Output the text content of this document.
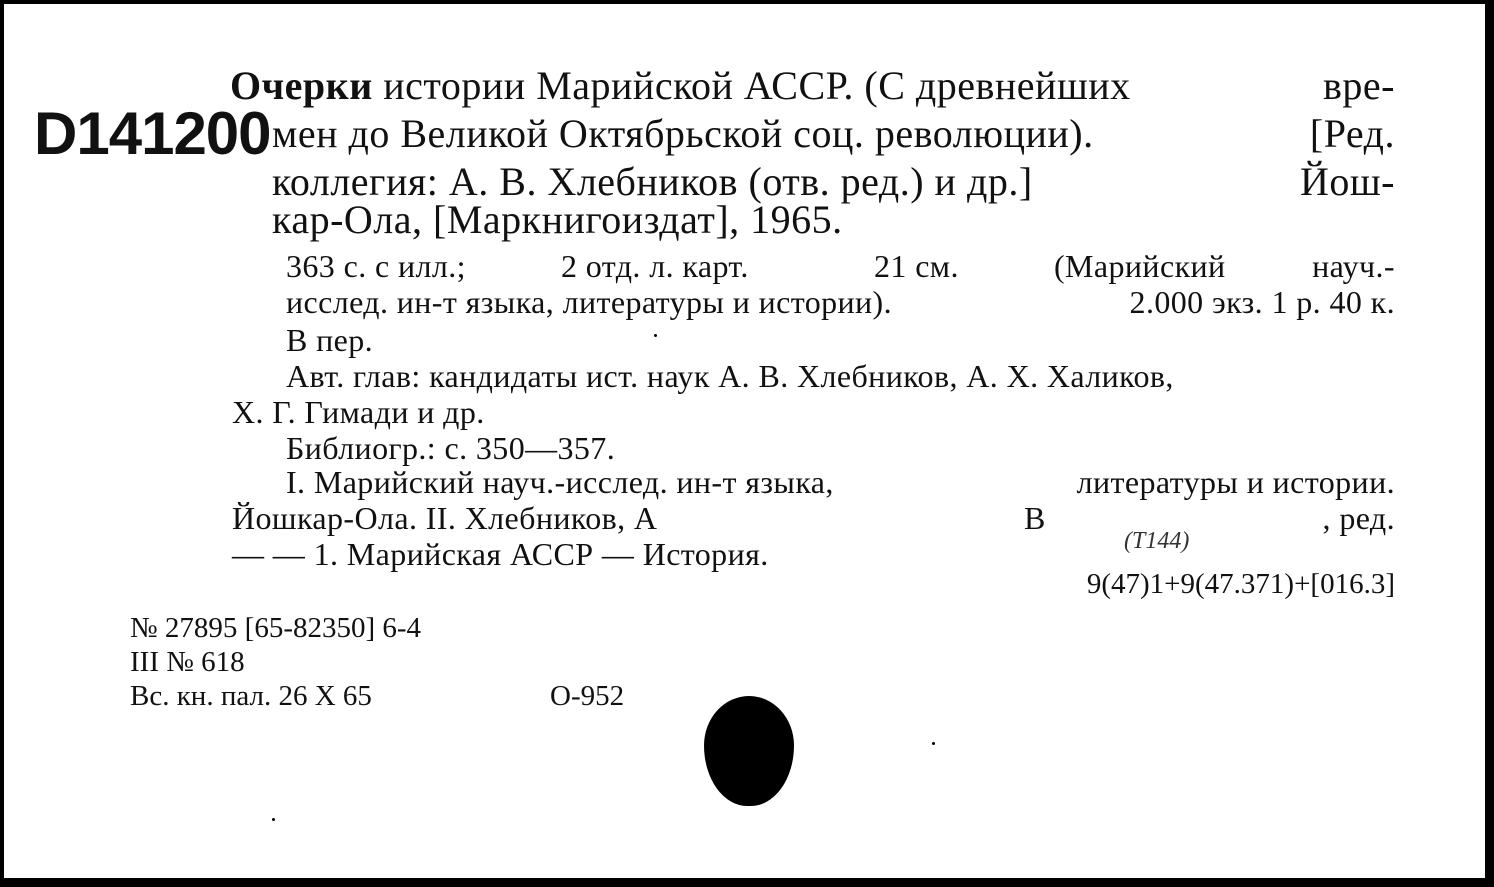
D141200
Очерки истории Марийской АССР. (С древнейших	вре-
мен до Великой Октябрьской соц. революции).	[Ред.
коллегия: А. В. Хлебников (отв. ред.) и др.]	Йош-
кар-Ола, [Маркнигоиздат], 1965.
363 с. с илл.;	2 отд. л. карт.	21 см.	(Марийский	науч.-
исслед. ин-т языка, литературы и истории).	2.000 экз. 1 р. 40 к.
В пер.
Авт. глав: кандидаты ист. наук А. В. Хлебников, А. Х. Халиков,
Х. Г. Гимади и др.
Библиогр.: с. 350—357.
I. Марийский науч.-исслед. ин-т языка,	литературы и истории.
Йошкар-Ола. II. Хлебников, А	В	, ред.
— — 1. Марийская АССР — История.	(Т144)
9(47)1+9(47.371)+[016.3]
№ 27895 [65-82350] 6-4
III № 618
Вс. кн. пал. 26 X 65	О-952
